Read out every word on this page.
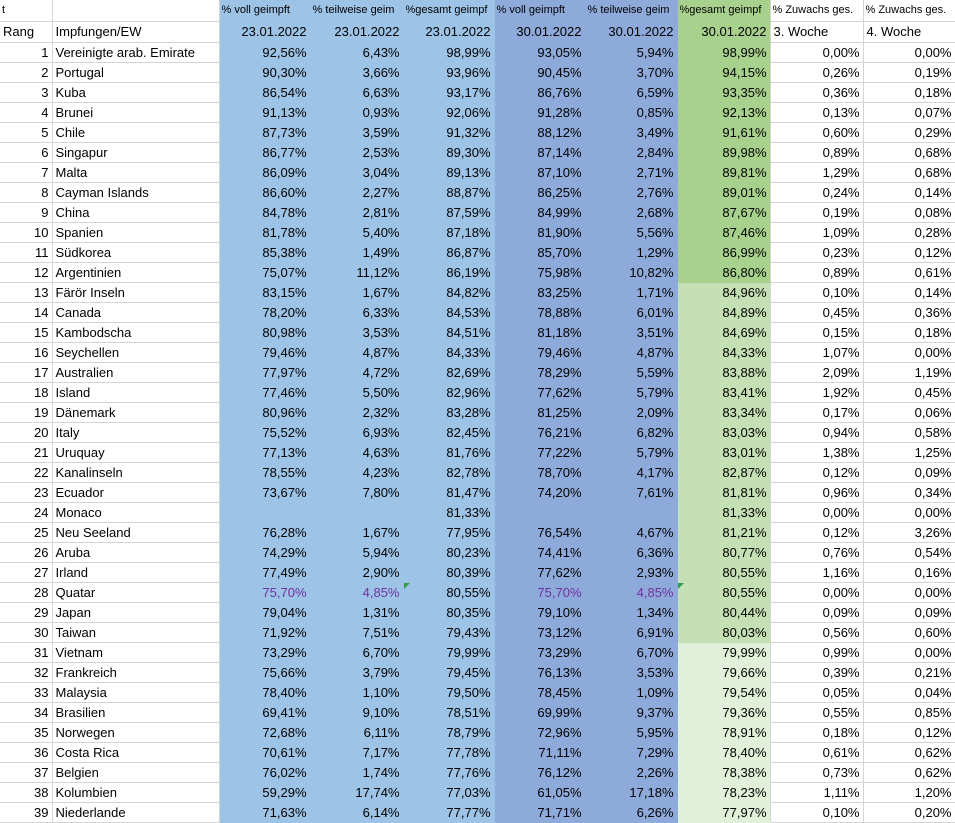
t		% voll geimpft	% teilweise geim	%gesamt geimpf	% voll geimpft	% teilweise geim	%gesamt geimpf	% Zuwachs ges.	% Zuwachs ges.
Rang	Impfungen/EW	23.01.2022	23.01.2022	23.01.2022	30.01.2022	30.01.2022	30.01.2022	3. Woche	4. Woche
1	Vereinigte arab. Emirate	92,56%	6,43%	98,99%	93,05%	5,94%	98,99%	0,00%	0,00%
2	Portugal	90,30%	3,66%	93,96%	90,45%	3,70%	94,15%	0,26%	0,19%
3	Kuba	86,54%	6,63%	93,17%	86,76%	6,59%	93,35%	0,36%	0,18%
4	Brunei	91,13%	0,93%	92,06%	91,28%	0,85%	92,13%	0,13%	0,07%
5	Chile	87,73%	3,59%	91,32%	88,12%	3,49%	91,61%	0,60%	0,29%
6	Singapur	86,77%	2,53%	89,30%	87,14%	2,84%	89,98%	0,89%	0,68%
7	Malta	86,09%	3,04%	89,13%	87,10%	2,71%	89,81%	1,29%	0,68%
8	Cayman Islands	86,60%	2,27%	88,87%	86,25%	2,76%	89,01%	0,24%	0,14%
9	China	84,78%	2,81%	87,59%	84,99%	2,68%	87,67%	0,19%	0,08%
10	Spanien	81,78%	5,40%	87,18%	81,90%	5,56%	87,46%	1,09%	0,28%
11	Südkorea	85,38%	1,49%	86,87%	85,70%	1,29%	86,99%	0,23%	0,12%
12	Argentinien	75,07%	11,12%	86,19%	75,98%	10,82%	86,80%	0,89%	0,61%
13	Färör Inseln	83,15%	1,67%	84,82%	83,25%	1,71%	84,96%	0,10%	0,14%
14	Canada	78,20%	6,33%	84,53%	78,88%	6,01%	84,89%	0,45%	0,36%
15	Kambodscha	80,98%	3,53%	84,51%	81,18%	3,51%	84,69%	0,15%	0,18%
16	Seychellen	79,46%	4,87%	84,33%	79,46%	4,87%	84,33%	1,07%	0,00%
17	Australien	77,97%	4,72%	82,69%	78,29%	5,59%	83,88%	2,09%	1,19%
18	Island	77,46%	5,50%	82,96%	77,62%	5,79%	83,41%	1,92%	0,45%
19	Dänemark	80,96%	2,32%	83,28%	81,25%	2,09%	83,34%	0,17%	0,06%
20	Italy	75,52%	6,93%	82,45%	76,21%	6,82%	83,03%	0,94%	0,58%
21	Uruquay	77,13%	4,63%	81,76%	77,22%	5,79%	83,01%	1,38%	1,25%
22	Kanalinseln	78,55%	4,23%	82,78%	78,70%	4,17%	82,87%	0,12%	0,09%
23	Ecuador	73,67%	7,80%	81,47%	74,20%	7,61%	81,81%	0,96%	0,34%
24	Monaco			81,33%			81,33%	0,00%	0,00%
25	Neu Seeland	76,28%	1,67%	77,95%	76,54%	4,67%	81,21%	0,12%	3,26%
26	Aruba	74,29%	5,94%	80,23%	74,41%	6,36%	80,77%	0,76%	0,54%
27	Irland	77,49%	2,90%	80,39%	77,62%	2,93%	80,55%	1,16%	0,16%
28	Quatar	75,70%	4,85%	80,55%	75,70%	4,85%	80,55%	0,00%	0,00%
29	Japan	79,04%	1,31%	80,35%	79,10%	1,34%	80,44%	0,09%	0,09%
30	Taiwan	71,92%	7,51%	79,43%	73,12%	6,91%	80,03%	0,56%	0,60%
31	Vietnam	73,29%	6,70%	79,99%	73,29%	6,70%	79,99%	0,99%	0,00%
32	Frankreich	75,66%	3,79%	79,45%	76,13%	3,53%	79,66%	0,39%	0,21%
33	Malaysia	78,40%	1,10%	79,50%	78,45%	1,09%	79,54%	0,05%	0,04%
34	Brasilien	69,41%	9,10%	78,51%	69,99%	9,37%	79,36%	0,55%	0,85%
35	Norwegen	72,68%	6,11%	78,79%	72,96%	5,95%	78,91%	0,18%	0,12%
36	Costa Rica	70,61%	7,17%	77,78%	71,11%	7,29%	78,40%	0,61%	0,62%
37	Belgien	76,02%	1,74%	77,76%	76,12%	2,26%	78,38%	0,73%	0,62%
38	Kolumbien	59,29%	17,74%	77,03%	61,05%	17,18%	78,23%	1,11%	1,20%
39	Niederlande	71,63%	6,14%	77,77%	71,71%	6,26%	77,97%	0,10%	0,20%
